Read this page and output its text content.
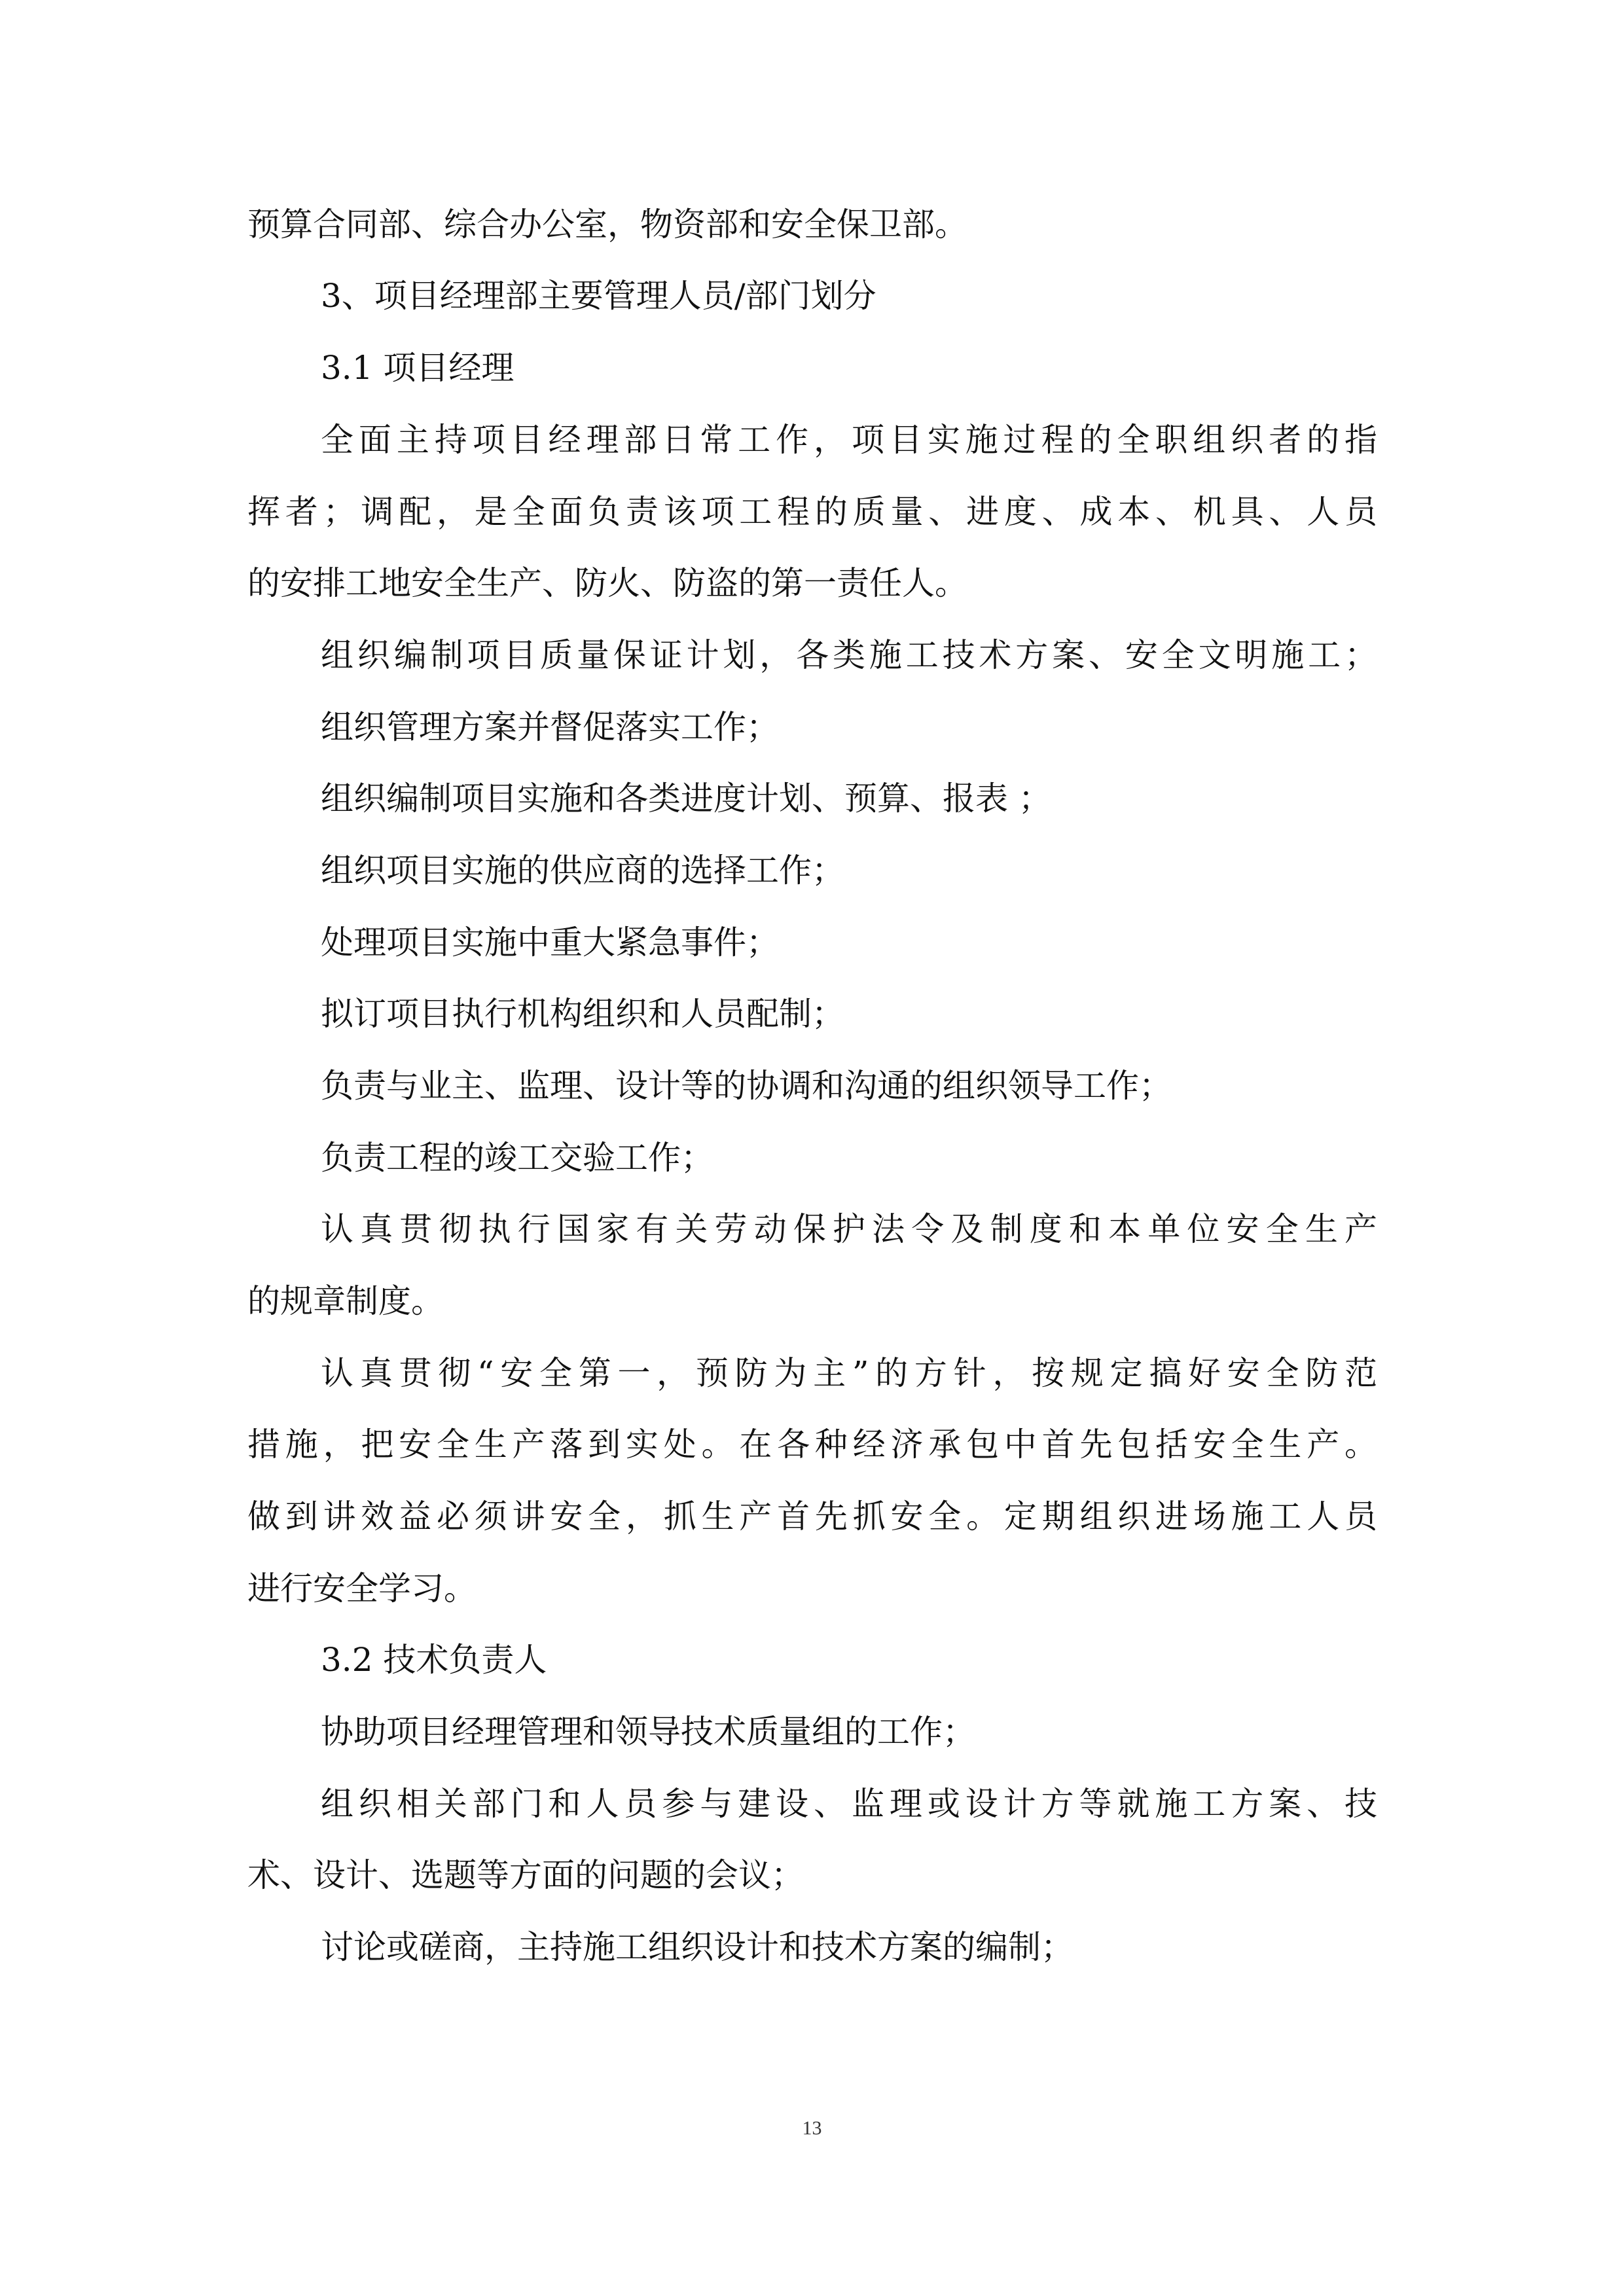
预算合同部、综合办公室，物资部和安全保卫部。
3、项目经理部主要管理人员/部门划分
3.1 项目经理
全面主持项目经理部日常工作，项目实施过程的全职组织者的指
挥者；调配，是全面负责该项工程的质量、进度、成本、机具、人员
的安排工地安全生产、防火、防盗的第一责任人。
组织编制项目质量保证计划，各类施工技术方案、安全文明施工；
组织管理方案并督促落实工作；
组织编制项目实施和各类进度计划、预算、报表 ；
组织项目实施的供应商的选择工作；
处理项目实施中重大紧急事件；
拟订项目执行机构组织和人员配制；
负责与业主、监理、设计等的协调和沟通的组织领导工作；
负责工程的竣工交验工作；
认真贯彻执行国家有关劳动保护法令及制度和本单位安全生产
的规章制度。
认真贯彻“安全第一，预防为主”的方针，按规定搞好安全防范
措施，把安全生产落到实处。在各种经济承包中首先包括安全生产。
做到讲效益必须讲安全，抓生产首先抓安全。定期组织进场施工人员
进行安全学习。
3.2 技术负责人
协助项目经理管理和领导技术质量组的工作；
组织相关部门和人员参与建设、监理或设计方等就施工方案、技
术、设计、选题等方面的问题的会议；
讨论或磋商，主持施工组织设计和技术方案的编制；
13
